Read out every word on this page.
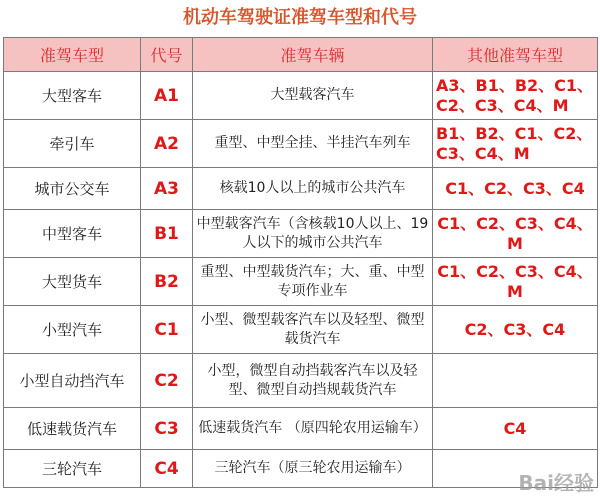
机动车驾驶证准驾车型和代号
准驾车型	代号	准驾车辆	其他准驾车型
大型客车	A1	大型载客汽车	A3、B1、B2、C1、C2、C3、C4、M
牵引车	A2	重型、中型全挂、半挂汽车列车	B1、B2、C1、C2、C3、C4、M
城市公交车	A3	核载10人以上的城市公共汽车	C1、C2、C3、C4
中型客车	B1	中型载客汽车（含核载10人以上、19人以下的城市公共汽车	C1、C2、C3、C4、M
大型货车	B2	重型、中型载货汽车；大、重、中型专项作业车	C1、C2、C3、C4、M
小型汽车	C1	小型、微型载客汽车以及轻型、微型载货汽车	C2、C3、C4
小型自动挡汽车	C2	小型，微型自动挡载客汽车以及轻型、微型自动挡规载货汽车	
低速载货汽车	C3	低速载货汽车 （原四轮农用运输车）	C4
三轮汽车	C4	三轮汽车（原三轮农用运输车）	
Bai经验
